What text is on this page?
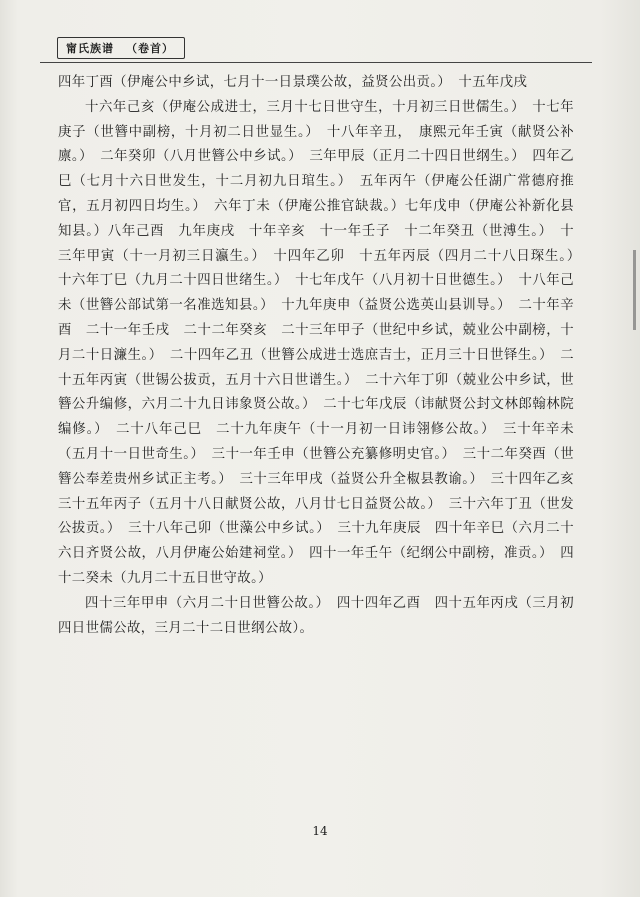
甯氏族谱 （卷首）

四年丁酉（伊庵公中乡试，七月十一日景璞公故，益贤公出贡。）　十五年戊戌

十六年己亥（伊庵公成进士，三月十七日世守生，十月初三日世儒生。）　十七年庚子（世簪中副榜，十月初二日世显生。）　十八年辛丑，　康熙元年壬寅（献贤公补廪。）　二年癸卯（八月世簪公中乡试。）　三年甲辰（正月二十四日世纲生。）　四年乙巳（七月十六日世发生，十二月初九日琯生。）　五年丙午（伊庵公任湖广常德府推官，五月初四日均生。）　六年丁未（伊庵公推官缺裁。）七年戊申（伊庵公补新化县知县。）八年己酉　九年庚戌　十年辛亥　十一年壬子　十二年癸丑（世溥生。）　十三年甲寅（十一月初三日瀛生。）　十四年乙卯　十五年丙辰（四月二十八日琛生。）　十六年丁巳（九月二十四日世绪生。）　十七年戊午（八月初十日世德生。）　十八年己未（世簪公部试第一名准选知县。）　十九年庚申（益贤公选英山县训导。）　二十年辛酉　二十一年壬戌　二十二年癸亥　二十三年甲子（世纪中乡试，兢业公中副榜，十月二十日濂生。）　二十四年乙丑（世簪公成进士选庶吉士，正月三十日世铎生。）　二十五年丙寅（世锡公拔贡，五月十六日世谱生。）　二十六年丁卯（兢业公中乡试，世簪公升编修，六月二十九日讳象贤公故。）　二十七年戊辰（讳献贤公封文林郎翰林院编修。）　二十八年己巳　二十九年庚午（十一月初一日讳翎修公故。）　三十年辛未（五月十一日世奇生。）　三十一年壬申（世簪公充纂修明史官。）　三十二年癸酉（世簪公奉差贵州乡试正主考。）　三十三年甲戌（益贤公升全椒县教谕。）　三十四年乙亥　三十五年丙子（五月十八日献贤公故，八月廿七日益贤公故。）　三十六年丁丑（世发公拔贡。）　三十八年己卯（世藻公中乡试。）　三十九年庚辰　四十年辛巳（六月二十六日齐贤公故，八月伊庵公始建祠堂。）　四十一年壬午（纪纲公中副榜，准贡。）　四十二癸未（九月二十五日世守故。）

四十三年甲申（六月二十日世簪公故。）　四十四年乙酉　四十五年丙戌（三月初四日世儒公故，三月二十二日世纲公故）。

14
